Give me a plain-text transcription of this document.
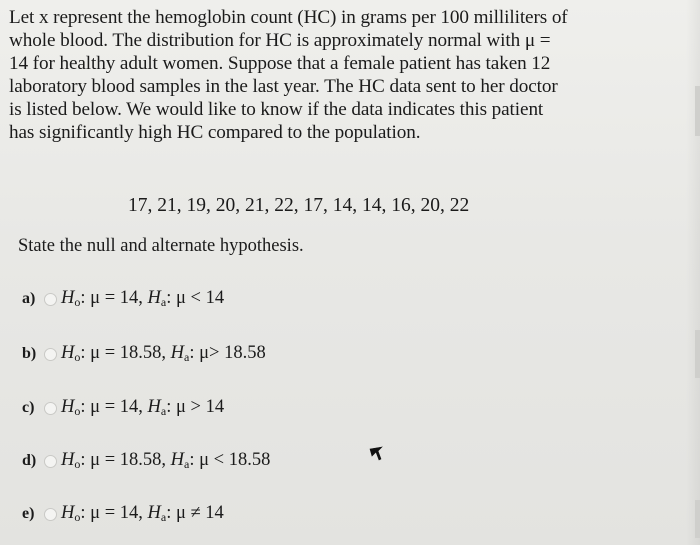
Let x represent the hemoglobin count (HC) in grams per 100 milliliters of
whole blood. The distribution for HC is approximately normal with μ =
14 for healthy adult women. Suppose that a female patient has taken 12
laboratory blood samples in the last year. The HC data sent to her doctor
is listed below. We would like to know if the data indicates this patient
has significantly high HC compared to the population.
17, 21, 19, 20, 21, 22, 17, 14, 14, 16, 20, 22
State the null and alternate hypothesis.
a)	$H_o$: μ = 14, $H_a$: μ < 14
b)	$H_o$: μ = 18.58, $H_a$: μ> 18.58
c)	$H_o$: μ = 14, $H_a$: μ > 14
d)	$H_o$: μ = 18.58, $H_a$: μ < 18.58
e)	$H_o$: μ = 14, $H_a$: μ ≠ 14
